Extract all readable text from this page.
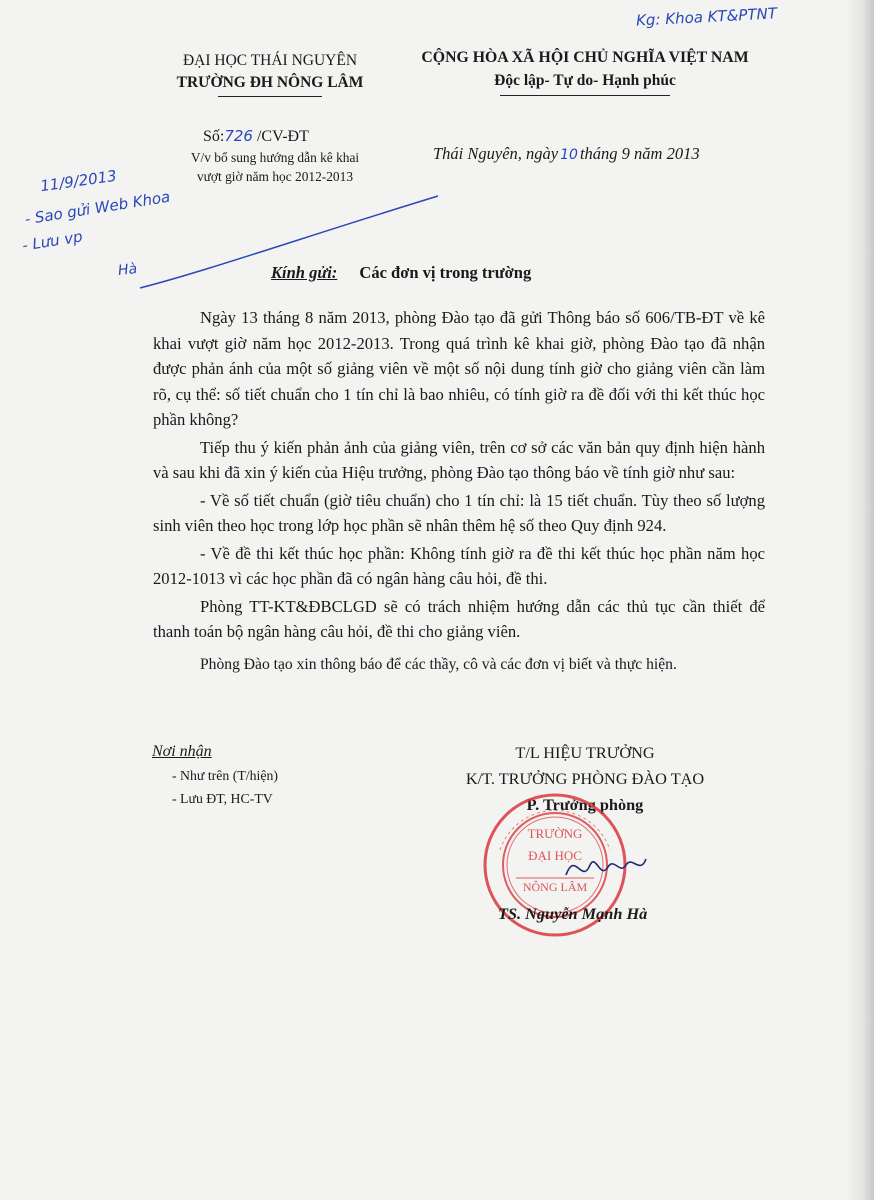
Kg: Khoa KT&PTNT
ĐẠI HỌC THÁI NGUYÊN
TRƯỜNG ĐH NÔNG LÂM
CỘNG HÒA XÃ HỘI CHỦ NGHĨA VIỆT NAM
Độc lập- Tự do- Hạnh phúc
Số:726 /CV-ĐT
V/v bổ sung hướng dẫn kê khai
vượt giờ năm học 2012-2013
Thái Nguyên, ngày 10 tháng 9 năm 2013
11/9/2013
- Sao gửi Web Khoa
- Lưu vp
Hà	Kính gửi: Các đơn vị trong trường

Ngày 13 tháng 8 năm 2013, phòng Đào tạo đã gửi Thông báo số 606/TB-ĐT về kê khai vượt giờ năm học 2012-2013. Trong quá trình kê khai giờ, phòng Đào tạo đã nhận được phản ánh của một số giảng viên về một số nội dung tính giờ cho giảng viên cần làm rõ, cụ thể: số tiết chuẩn cho 1 tín chỉ là bao nhiêu, có tính giờ ra đề đối với thi kết thúc học phần không?

Tiếp thu ý kiến phản ảnh của giảng viên, trên cơ sở các văn bản quy định hiện hành và sau khi đã xin ý kiến của Hiệu trưởng, phòng Đào tạo thông báo về tính giờ như sau:

- Về số tiết chuẩn (giờ tiêu chuẩn) cho 1 tín chỉ: là 15 tiết chuẩn. Tùy theo số lượng sinh viên theo học trong lớp học phần sẽ nhân thêm hệ số theo Quy định 924.

- Về đề thi kết thúc học phần: Không tính giờ ra đề thi kết thúc học phần năm học 2012-1013 vì các học phần đã có ngân hàng câu hỏi, đề thi.

Phòng TT-KT&ĐBCLGD sẽ có trách nhiệm hướng dẫn các thủ tục cần thiết để thanh toán bộ ngân hàng câu hỏi, đề thi cho giảng viên.

Phòng Đào tạo xin thông báo để các thầy, cô và các đơn vị biết và thực hiện.

Nơi nhận
- Như trên (T/hiện)
- Lưu ĐT, HC-TV
T/L HIỆU TRƯỞNG
K/T. TRƯỞNG PHÒNG ĐÀO TẠO
P. Trưởng phòng
TRƯỜNG
ĐẠI HỌC
NÔNG LÂM
TS. Nguyễn Mạnh Hà
